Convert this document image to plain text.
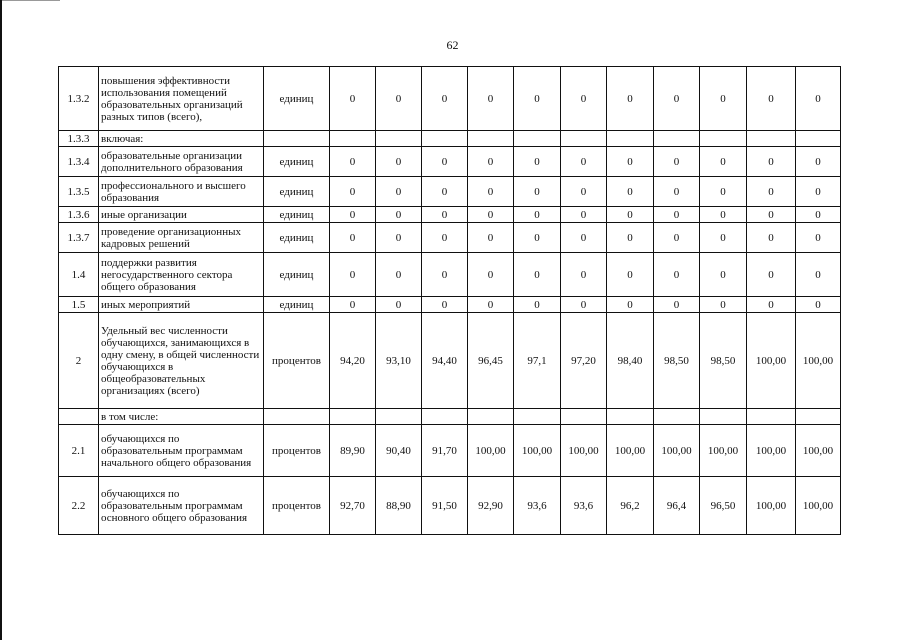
62
1.3.2	повышения эффективности использования помещений образовательных организаций разных типов (всего),	единиц	0	0	0	0	0	0	0	0	0	0	0
1.3.3	включая:												
1.3.4	образовательные организации дополнительного образования	единиц	0	0	0	0	0	0	0	0	0	0	0
1.3.5	профессионального и высшего образования	единиц	0	0	0	0	0	0	0	0	0	0	0
1.3.6	иные организации	единиц	0	0	0	0	0	0	0	0	0	0	0
1.3.7	проведение организационных кадровых решений	единиц	0	0	0	0	0	0	0	0	0	0	0
1.4	поддержки развития негосударственного сектора общего образования	единиц	0	0	0	0	0	0	0	0	0	0	0
1.5	иных мероприятий	единиц	0	0	0	0	0	0	0	0	0	0	0
2	Удельный вес численности обучающихся, занимающихся в одну смену, в общей численности обучающихся в общеобразовательных организациях (всего)	процентов	94,20	93,10	94,40	96,45	97,1	97,20	98,40	98,50	98,50	100,00	100,00
	в том числе:												
2.1	обучающихся по образовательным программам начального общего образования	процентов	89,90	90,40	91,70	100,00	100,00	100,00	100,00	100,00	100,00	100,00	100,00
2.2	обучающихся по образовательным программам основного общего образования	процентов	92,70	88,90	91,50	92,90	93,6	93,6	96,2	96,4	96,50	100,00	100,00
